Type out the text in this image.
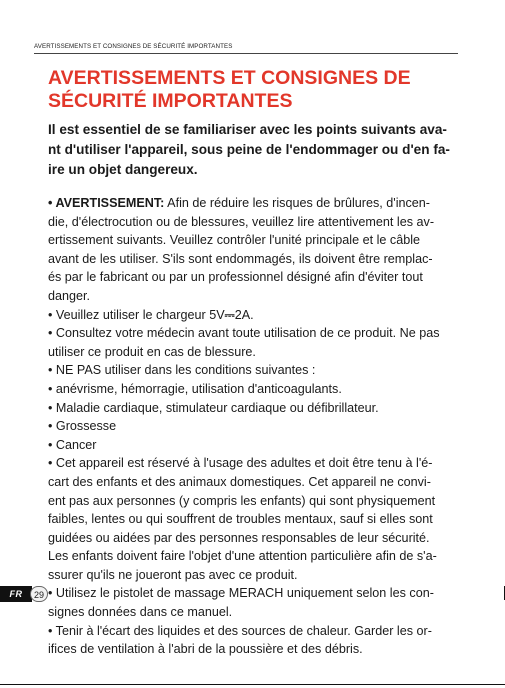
AVERTISSEMENTS ET CONSIGNES DE SÉCURITÉ IMPORTANTES
AVERTISSEMENTS ET CONSIGNES DE
SÉCURITÉ IMPORTANTES
Il est essentiel de se familiariser avec les points suivants ava-
nt d'utiliser l'appareil, sous peine de l'endommager ou d'en fa-
ire un objet dangereux.
• AVERTISSEMENT: Afin de réduire les risques de brûlures, d'incen-
die, d'électrocution ou de blessures, veuillez lire attentivement les av-
ertissement suivants. Veuillez contrôler l'unité principale et le câble
avant de les utiliser. S'ils sont endommagés, ils doivent être remplac-
és par le fabricant ou par un professionnel désigné afin d'éviter tout
danger.
• Veuillez utiliser le chargeur 5V⎓2A.
• Consultez votre médecin avant toute utilisation de ce produit. Ne pas
utiliser ce produit en cas de blessure.
• NE PAS utiliser dans les conditions suivantes :
• anévrisme, hémorragie, utilisation d'anticoagulants.
• Maladie cardiaque, stimulateur cardiaque ou défibrillateur.
• Grossesse
• Cancer
• Cet appareil est réservé à l'usage des adultes et doit être tenu à l'é-
cart des enfants et des animaux domestiques. Cet appareil ne convi-
ent pas aux personnes (y compris les enfants) qui sont physiquement
faibles, lentes ou qui souffrent de troubles mentaux, sauf si elles sont
guidées ou aidées par des personnes responsables de leur sécurité.
Les enfants doivent faire l'objet d'une attention particulière afin de s'a-
ssurer qu'ils ne joueront pas avec ce produit.
• Utilisez le pistolet de massage MERACH uniquement selon les con-
signes données dans ce manuel.
• Tenir à l'écart des liquides et des sources de chaleur. Garder les or-
ifices de ventilation à l'abri de la poussière et des débris.
FR	29
